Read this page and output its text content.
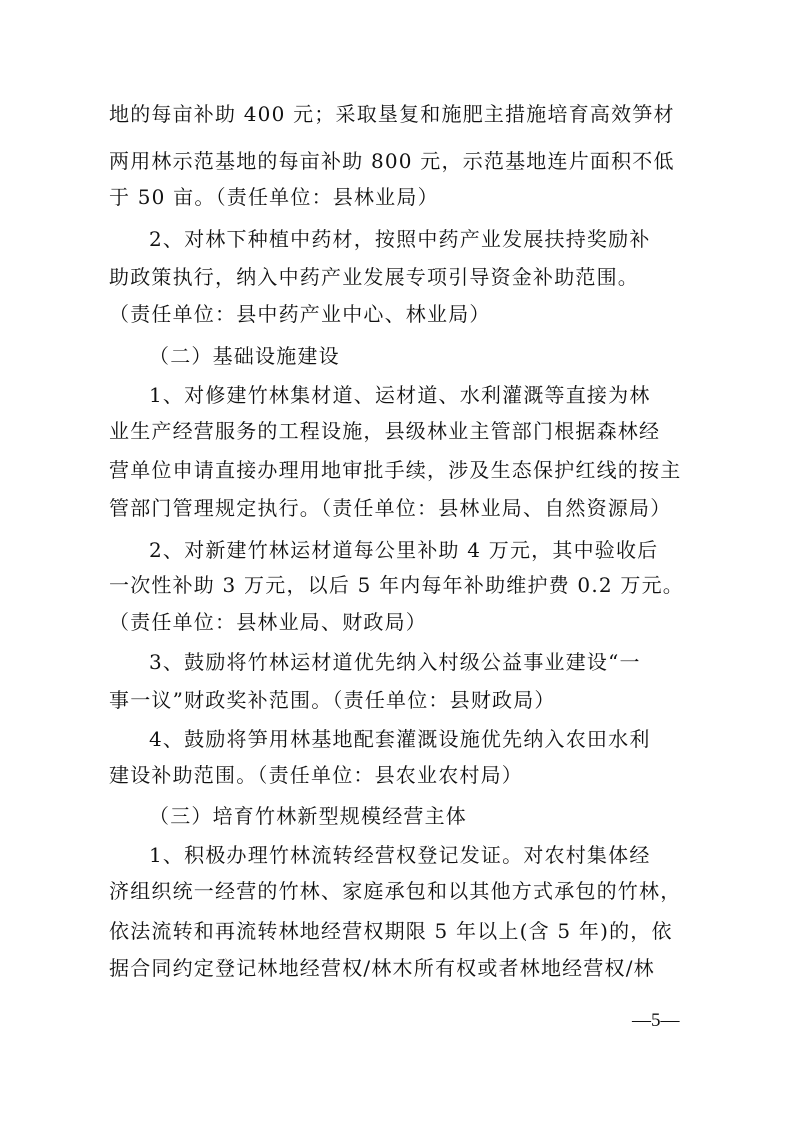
地的每亩补助 400 元；采取垦复和施肥主措施培育高效笋材
两用林示范基地的每亩补助 800 元，示范基地连片面积不低
于 50 亩。（责任单位：县林业局）
2、对林下种植中药材，按照中药产业发展扶持奖励补
助政策执行，纳入中药产业发展专项引导资金补助范围。
（责任单位：县中药产业中心、林业局）
（二）基础设施建设
1、对修建竹林集材道、运材道、水利灌溉等直接为林
业生产经营服务的工程设施，县级林业主管部门根据森林经
营单位申请直接办理用地审批手续，涉及生态保护红线的按主
管部门管理规定执行。（责任单位：县林业局、自然资源局）
2、对新建竹林运材道每公里补助 4 万元，其中验收后
一次性补助 3 万元，以后 5 年内每年补助维护费 0.2 万元。
（责任单位：县林业局、财政局）
3、鼓励将竹林运材道优先纳入村级公益事业建设“一
事一议”财政奖补范围。（责任单位：县财政局）
4、鼓励将笋用林基地配套灌溉设施优先纳入农田水利
建设补助范围。（责任单位：县农业农村局）
（三）培育竹林新型规模经营主体
1、积极办理竹林流转经营权登记发证。对农村集体经
济组织统一经营的竹林、家庭承包和以其他方式承包的竹林，
依法流转和再流转林地经营权期限 5 年以上(含 5 年)的，依
据合同约定登记林地经营权/林木所有权或者林地经营权/林
—5—
